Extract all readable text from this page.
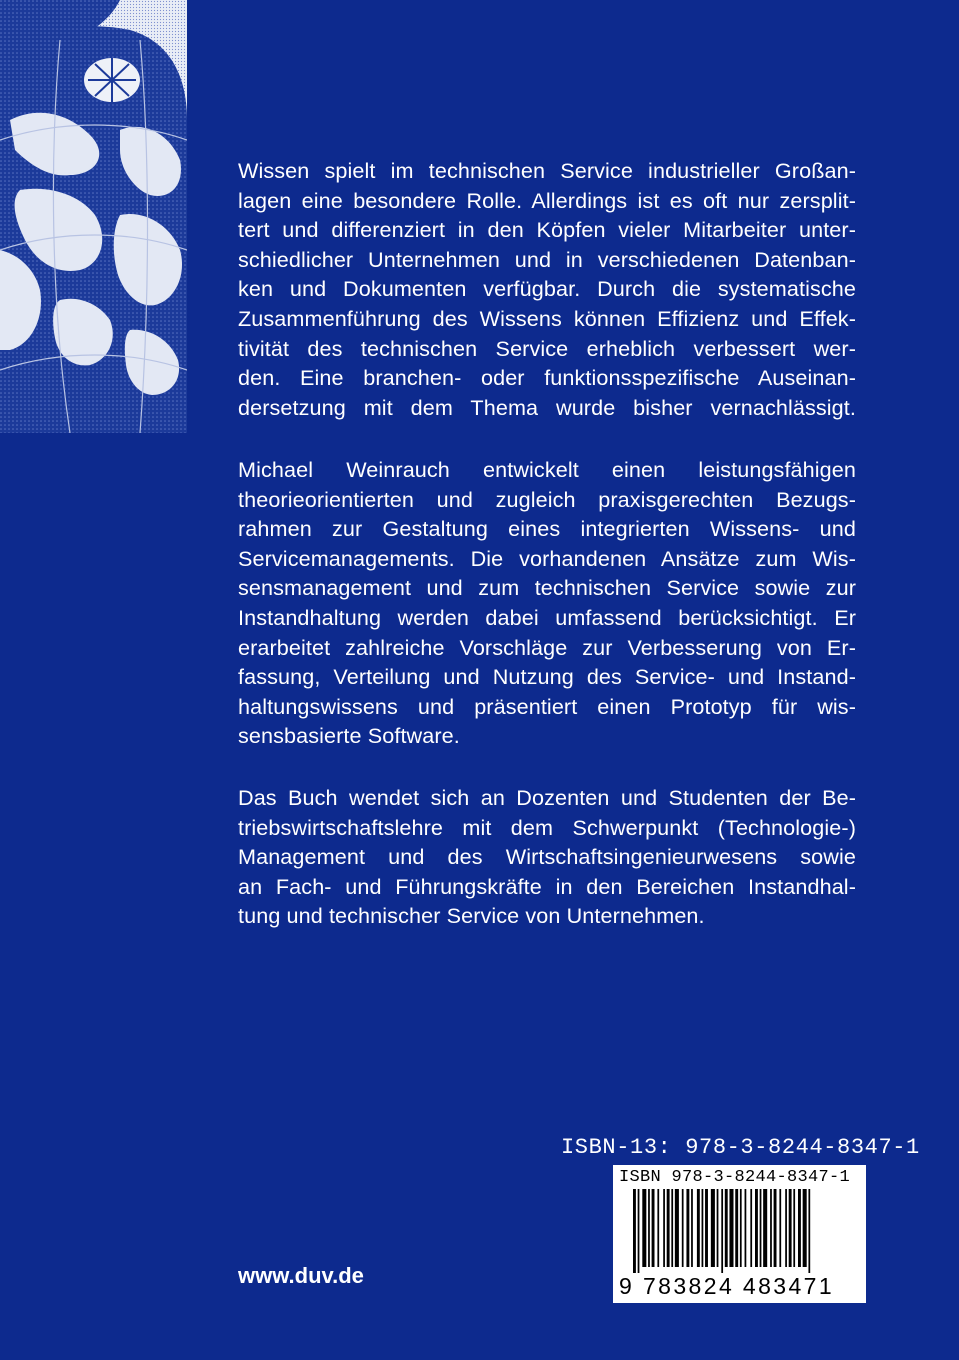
Wissen spielt im technischen Service industrieller Großan-
lagen eine besondere Rolle. Allerdings ist es oft nur zersplit-
tert und differenziert in den Köpfen vieler Mitarbeiter unter-
schiedlicher Unternehmen und in verschiedenen Datenban-
ken und Dokumenten verfügbar. Durch die systematische
Zusammenführung des Wissens können Effizienz und Effek-
tivität des technischen Service erheblich verbessert wer-
den. Eine branchen- oder funktionsspezifische Auseinan-
dersetzung mit dem Thema wurde bisher vernachlässigt.
Michael Weinrauch entwickelt einen leistungsfähigen
theorieorientierten und zugleich praxisgerechten Bezugs-
rahmen zur Gestaltung eines integrierten Wissens- und
Servicemanagements. Die vorhandenen Ansätze zum Wis-
sensmanagement und zum technischen Service sowie zur
Instandhaltung werden dabei umfassend berücksichtigt. Er
erarbeitet zahlreiche Vorschläge zur Verbesserung von Er-
fassung, Verteilung und Nutzung des Service- und Instand-
haltungswissens und präsentiert einen Prototyp für wis-
sensbasierte Software.
Das Buch wendet sich an Dozenten und Studenten der Be-
triebswirtschaftslehre mit dem Schwerpunkt (Technologie-)
Management und des Wirtschaftsingenieurwesens sowie
an Fach- und Führungskräfte in den Bereichen Instandhal-
tung und technischer Service von Unternehmen.
ISBN-13: 978-3-8244-8347-1
ISBN 978-3-8244-8347-1
9 783824 483471
www.duv.de
